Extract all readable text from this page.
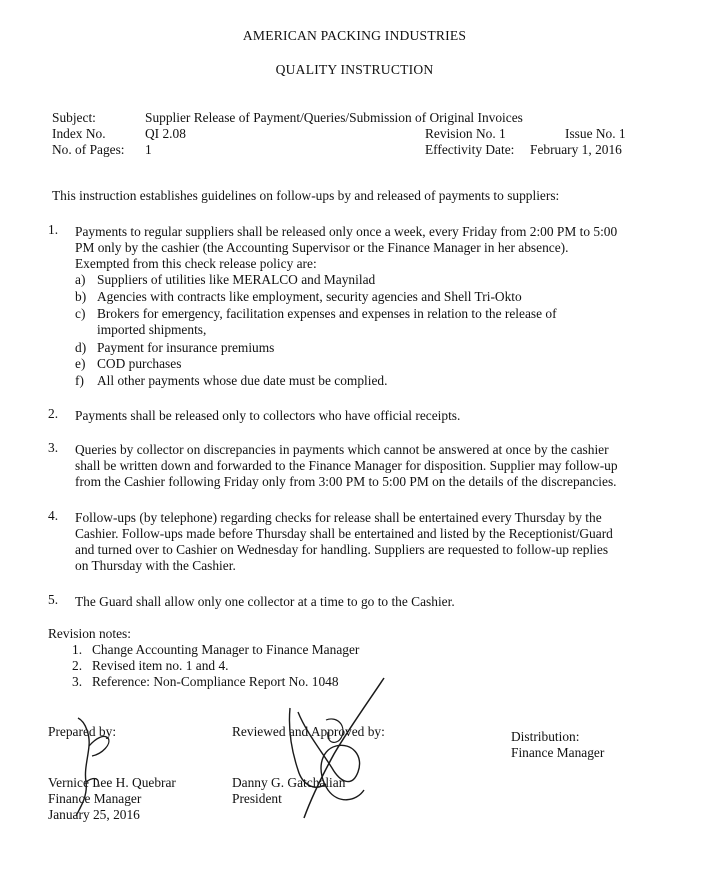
AMERICAN PACKING INDUSTRIES
QUALITY INSTRUCTION
Subject:	Supplier Release of Payment/Queries/Submission of Original Invoices
Index No.	QI 2.08	Revision No. 1	Issue No. 1
No. of Pages: 1	Effectivity Date: February 1, 2016
This instruction establishes guidelines on follow-ups by and released of payments to suppliers:
1. Payments to regular suppliers shall be released only once a week, every Friday from 2:00 PM to 5:00
PM only by the cashier (the Accounting Supervisor or the Finance Manager in her absence).
Exempted from this check release policy are:
a) Suppliers of utilities like MERALCO and Maynilad
b) Agencies with contracts like employment, security agencies and Shell Tri-Okto
c) Brokers for emergency, facilitation expenses and expenses in relation to the release of
imported shipments,
d) Payment for insurance premiums
e) COD purchases
f) All other payments whose due date must be complied.
2. Payments shall be released only to collectors who have official receipts.
3. Queries by collector on discrepancies in payments which cannot be answered at once by the cashier
shall be written down and forwarded to the Finance Manager for disposition. Supplier may follow-up
from the Cashier following Friday only from 3:00 PM to 5:00 PM on the details of the discrepancies.
4. Follow-ups (by telephone) regarding checks for release shall be entertained every Thursday by the
Cashier. Follow-ups made before Thursday shall be entertained and listed by the Receptionist/Guard
and turned over to Cashier on Wednesday for handling. Suppliers are requested to follow-up replies
on Thursday with the Cashier.
5. The Guard shall allow only one collector at a time to go to the Cashier.
Revision notes:
1. Change Accounting Manager to Finance Manager
2. Revised item no. 1 and 4.
3. Reference: Non-Compliance Report No. 1048
Prepared by:
Vernice Lee H. Quebrar
Finance Manager
January 25, 2016
Reviewed and Approved by:
Danny G. Gatchalian
President
Distribution:
Finance Manager
